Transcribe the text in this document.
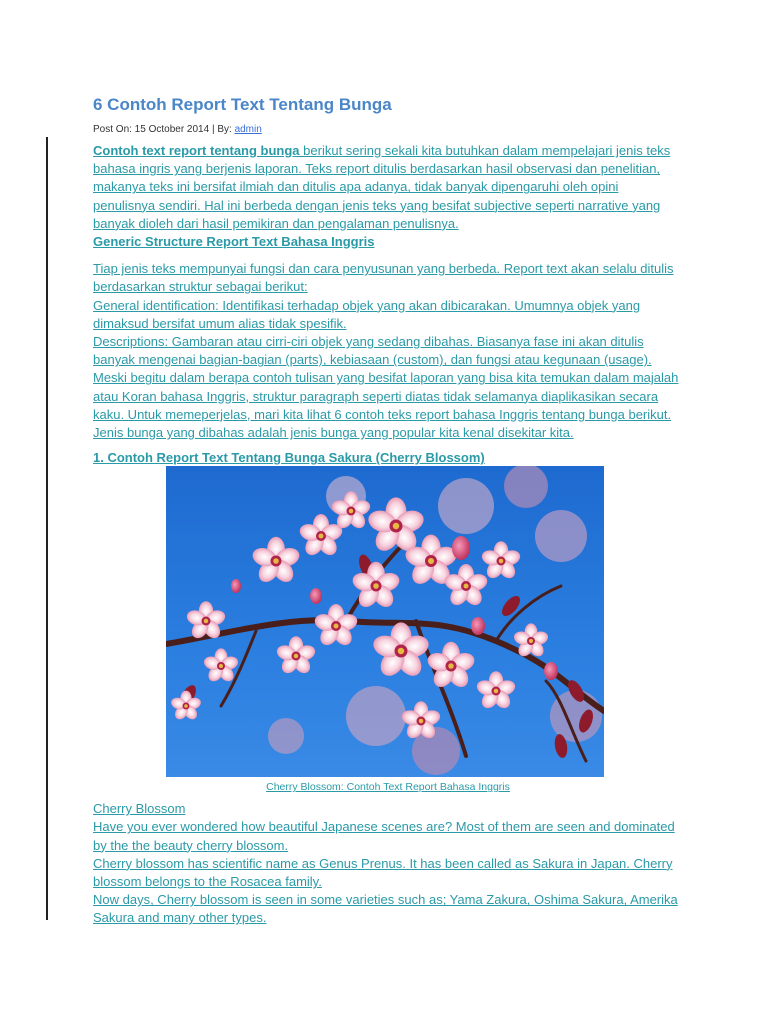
6 Contoh Report Text Tentang Bunga
Post On: 15 October 2014 | By: admin

Contoh text report tentang bunga berikut sering sekali kita butuhkan dalam mempelajari jenis teks bahasa ingris yang berjenis laporan. Teks report ditulis berdasarkan hasil observasi dan penelitian, makanya teks ini bersifat ilmiah dan ditulis apa adanya, tidak banyak dipengaruhi oleh opini penulisnya sendiri. Hal ini berbeda dengan jenis teks yang besifat subjective seperti narrative yang banyak dioleh dari hasil pemikiran dan pengalaman penulisnya.
Generic Structure Report Text Bahasa Inggris

Tiap jenis teks mempunyai fungsi dan cara penyusunan yang berbeda. Report text akan selalu ditulis berdasarkan struktur sebagai berikut:
General identification: Identifikasi terhadap objek yang akan dibicarakan. Umumnya objek yang dimaksud bersifat umum alias tidak spesifik.
Descriptions: Gambaran atau cirri-ciri objek yang sedang dibahas. Biasanya fase ini akan ditulis banyak mengenai bagian-bagian (parts), kebiasaan (custom), dan fungsi atau kegunaan (usage).
Meski begitu dalam berapa contoh tulisan yang besifat laporan yang bisa kita temukan dalam majalah atau Koran bahasa Inggris, struktur paragraph seperti diatas tidak selamanya diaplikasikan secara kaku. Untuk memeperjelas, mari kita lihat 6 contoh teks report bahasa Inggris tentang bunga berikut. Jenis bunga yang dibahas adalah jenis bunga yang popular kita kenal disekitar kita.

1. Contoh Report Text Tentang Bunga Sakura (Cherry Blossom)

Cherry Blossom: Contoh Text Report Bahasa Inggris

Cherry Blossom
Have you ever wondered how beautiful Japanese scenes are? Most of them are seen and dominated by the the beauty cherry blossom.
Cherry blossom has scientific name as Genus Prenus. It has been called as Sakura in Japan. Cherry blossom belongs to the Rosacea family.
Now days, Cherry blossom is seen in some varieties such as; Yama Zakura, Oshima Sakura, Amerika Sakura and many other types.
